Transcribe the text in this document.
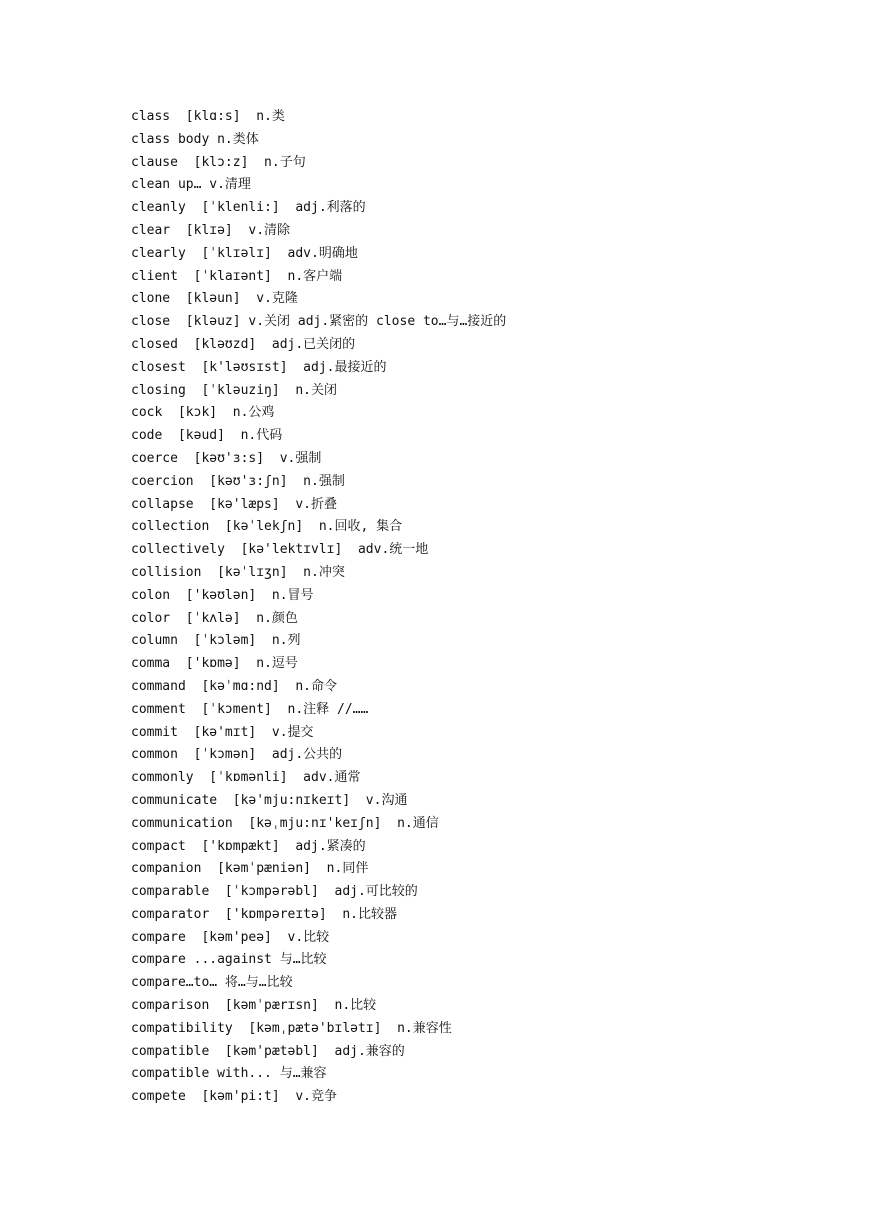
class  [klɑ:s]  n.类
class body n.类体
clause  [klɔ:z]  n.子句
clean up… v.清理
cleanly  [ˈklenli:]  adj.利落的
clear  [klɪə]  v.清除
clearly  [ˈklɪəlɪ]  adv.明确地
client  [ˈklaɪənt]  n.客户端
clone  [kləun]  v.克隆
close  [kləuz] v.关闭 adj.紧密的 close to…与…接近的
closed  [kləʊzd]  adj.已关闭的
closest  [k'ləʊsɪst]  adj.最接近的
closing  [ˈkləuziŋ]  n.关闭
cock  [kɔk]  n.公鸡
code  [kəud]  n.代码
coerce  [kəʊ'ɜ:s]  v.强制
coercion  [kəʊ'ɜ:ʃn]  n.强制
collapse  [kə'læps]  v.折叠
collection  [kəˈlekʃn]  n.回收, 集合
collectively  [kə'lektɪvlɪ]  adv.统一地
collision  [kəˈlɪʒn]  n.冲突
colon  ['kəʊlən]  n.冒号
color  [ˈkʌlə]  n.颜色
column  [ˈkɔləm]  n.列
comma  ['kɒmə]  n.逗号
command  [kəˈmɑ:nd]  n.命令
comment  [ˈkɔment]  n.注释 //……
commit  [kə'mɪt]  v.提交
common  [ˈkɔmən]  adj.公共的
commonly  [ˈkɒmənli]  adv.通常
communicate  [kə'mju:nɪkeɪt]  v.沟通
communication  [kəˌmju:nɪ'keɪʃn]  n.通信
compact  ['kɒmpækt]  adj.紧凑的
companion  [kəmˈpæniən]  n.同伴
comparable  [ˈkɔmpərəbl]  adj.可比较的
comparator  ['kɒmpəreɪtə]  n.比较器
compare  [kəm'peə]  v.比较
compare ...against 与…比较
compare…to… 将…与…比较
comparison  [kəmˈpærɪsn]  n.比较
compatibility  [kəmˌpætə'bɪlətɪ]  n.兼容性
compatible  [kəm'pætəbl]  adj.兼容的
compatible with... 与…兼容
compete  [kəm'pi:t]  v.竞争
